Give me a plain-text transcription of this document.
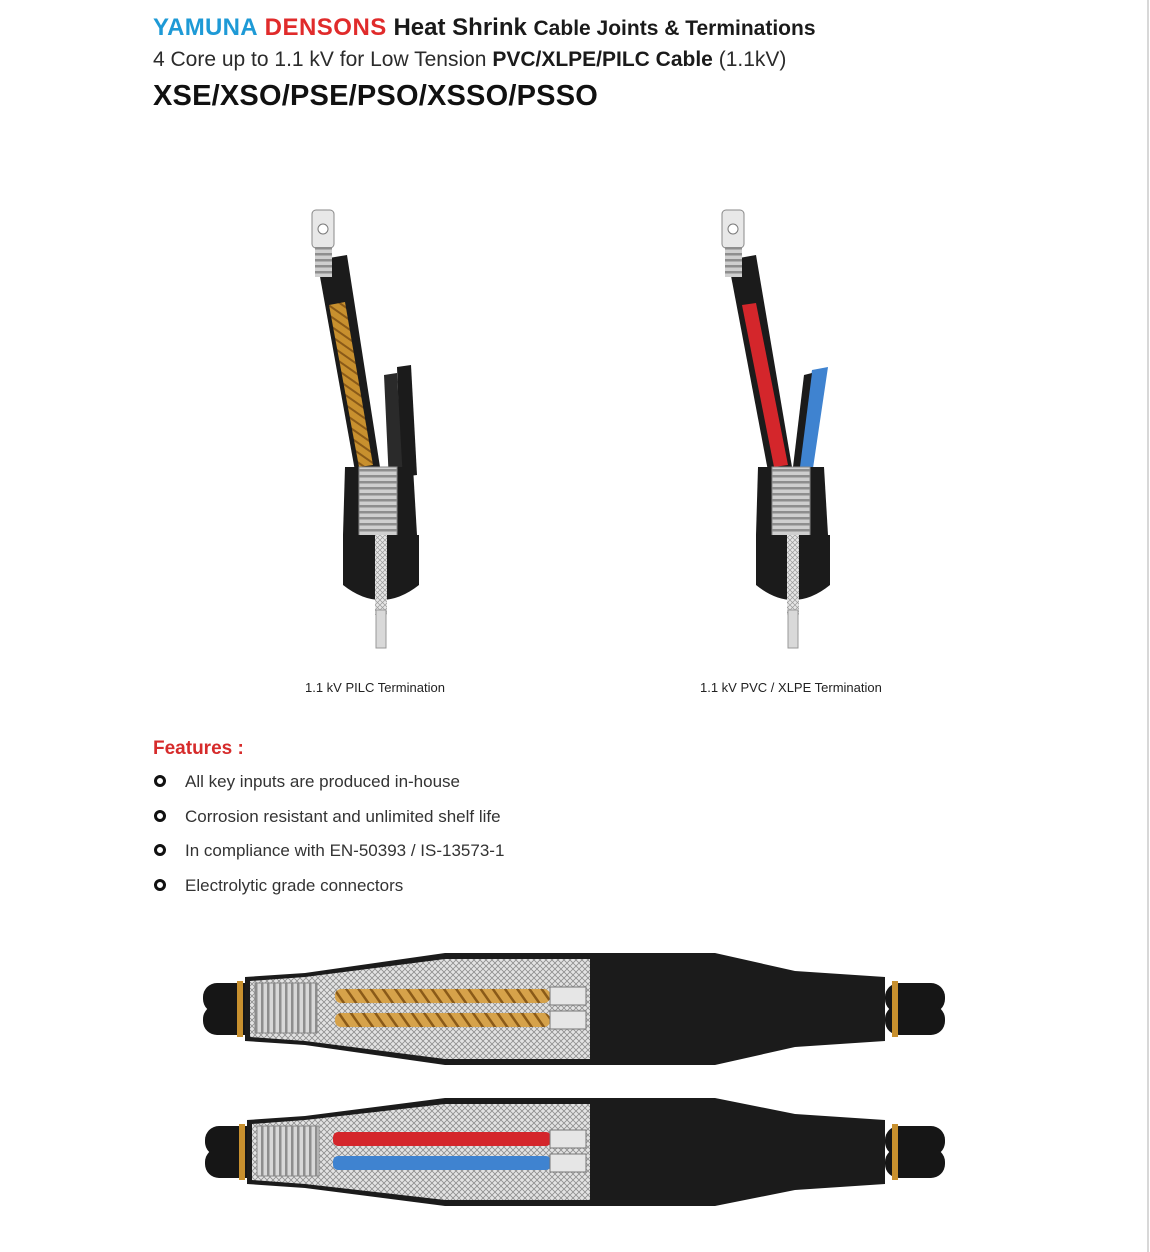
YAMUNA DENSONS Heat Shrink Cable Joints & Terminations
4 Core up to 1.1 kV for Low Tension PVC/XLPE/PILC Cable (1.1kV)
XSE/XSO/PSE/PSO/XSSO/PSSO
1.1 kV PILC Termination	1.1 kV PVC / XLPE Termination
Features :
All key inputs are produced in-house
Corrosion resistant and unlimited shelf life
In compliance with EN-50393 / IS-13573-1
Electrolytic grade connectors
